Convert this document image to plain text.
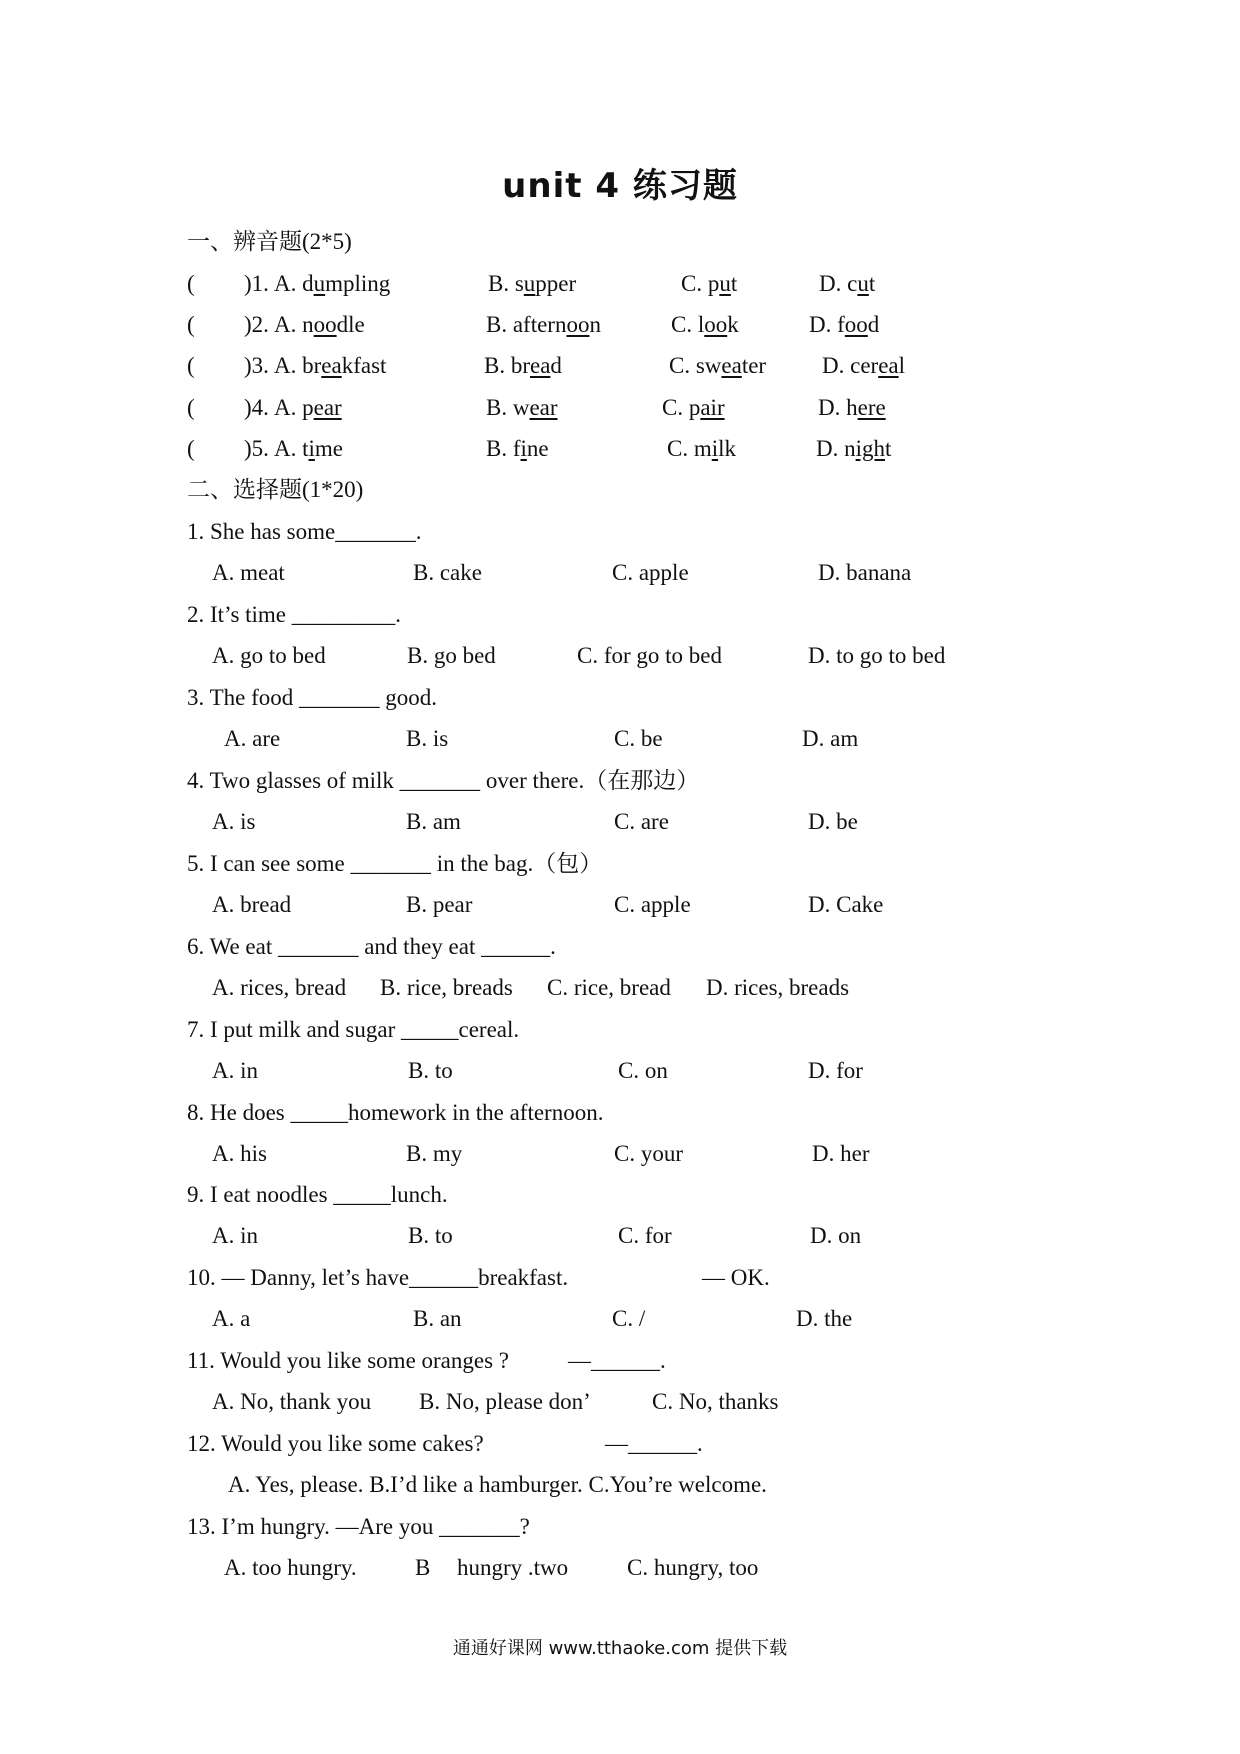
unit 4 练习题
一、辨音题(2*5)
( )1. A. dumpling	B. supper	C. put	D. cut
( )2. A. noodle	B. afternoon	C. look	D. food
( )3. A. breakfast	B. bread	C. sweater D. cereal
( )4. A. pear	B. wear	C. pair	D. here
( )5. A. time	B. fine	C. milk	D. night
二、选择题(1*20)
1. She has some_______.
A. meat	B. cake	C. apple	D. banana
2. It’s time _________.
A. go to bed	B. go bed	C. for go to bed	D. to go to bed
3. The food _______ good.
A. are	B. is	C. be	D. am
4. Two glasses of milk _______ over there.（在那边）
A. is	B. am	C. are	D. be
5. I can see some _______ in the bag.（包）
A. bread	B. pear	C. apple	D. Cake
6. We eat _______ and they eat ______.
A. rices, bread B. rice, breads C. rice, bread D. rices, breads
7. I put milk and sugar _____cereal.
A. in	B. to	C. on	D. for
8. He does _____homework in the afternoon.
A. his	B. my	C. your	D. her
9. I eat noodles _____lunch.
A. in	B. to	C. for	D. on
10. — Danny, let’s have______breakfast.	— OK.
A. a	B. an	C. /	D. the
11. Would you like some oranges ?	—______.
A. No, thank you B. No, please don’	C. No, thanks
12. Would you like some cakes?	—______.
A. Yes, please. B.I’d like a hamburger. C.You’re welcome.
13. I’m hungry. —Are you _______?
A. too hungry.	B hungry .two	C. hungry, too
通通好课网 www.tthaoke.com 提供下载
